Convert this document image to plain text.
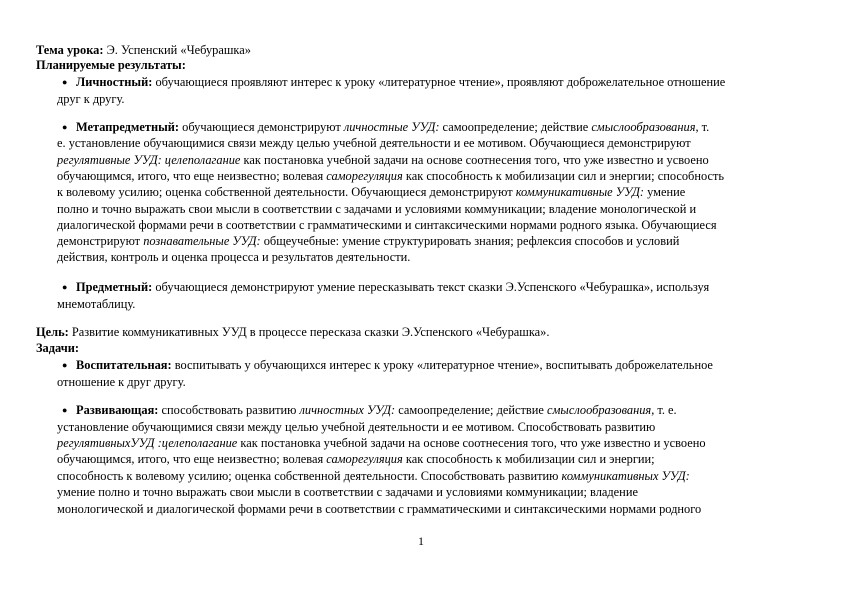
Тема урока: Э. Успенский «Чебурашка»
Планируемые результаты:
● Личностный: обучающиеся проявляют интерес к уроку «литературное чтение», проявляют доброжелательное отношение
друг к другу.
● Метапредметный: обучающиеся демонстрируют личностные УУД: самоопределение; действие смыслообразования, т.
е. установление обучающимися связи между целью учебной деятельности и ее мотивом. Обучающиеся демонстрируют
регулятивные УУД: целеполагание как постановка учебной задачи на основе соотнесения того, что уже известно и усвоено
обучающимся, итого, что еще неизвестно; волевая саморегуляция как способность к мобилизации сил и энергии; способность
к волевому усилию; оценка собственной деятельности. Обучающиеся демонстрируют коммуникативные УУД: умение
полно и точно выражать свои мысли в соответствии с задачами и условиями коммуникации; владение монологической и
диалогической формами речи в соответствии с грамматическими и синтаксическими нормами родного языка. Обучающиеся
демонстрируют познавательные УУД: общеучебные: умение структурировать знания; рефлексия способов и условий
действия, контроль и оценка процесса и результатов деятельности.
● Предметный: обучающиеся демонстрируют умение пересказывать текст сказки Э.Успенского «Чебурашка», используя
мнемотаблицу.
Цель: Развитие коммуникативных УУД в процессе пересказа сказки Э.Успенского «Чебурашка».
Задачи:
● Воспитательная: воспитывать у обучающихся интерес к уроку «литературное чтение», воспитывать доброжелательное
отношение к друг другу.
● Развивающая: способствовать развитию личностных УУД: самоопределение; действие смыслообразования, т. е.
установление обучающимися связи между целью учебной деятельности и ее мотивом. Способствовать развитию
регулятивныхУУД :целеполагание как постановка учебной задачи на основе соотнесения того, что уже известно и усвоено
обучающимся, итого, что еще неизвестно; волевая саморегуляция как способность к мобилизации сил и энергии;
способность к волевому усилию; оценка собственной деятельности. Способствовать развитию коммуникативных УУД:
умение полно и точно выражать свои мысли в соответствии с задачами и условиями коммуникации; владение
монологической и диалогической формами речи в соответствии с грамматическими и синтаксическими нормами родного
1
